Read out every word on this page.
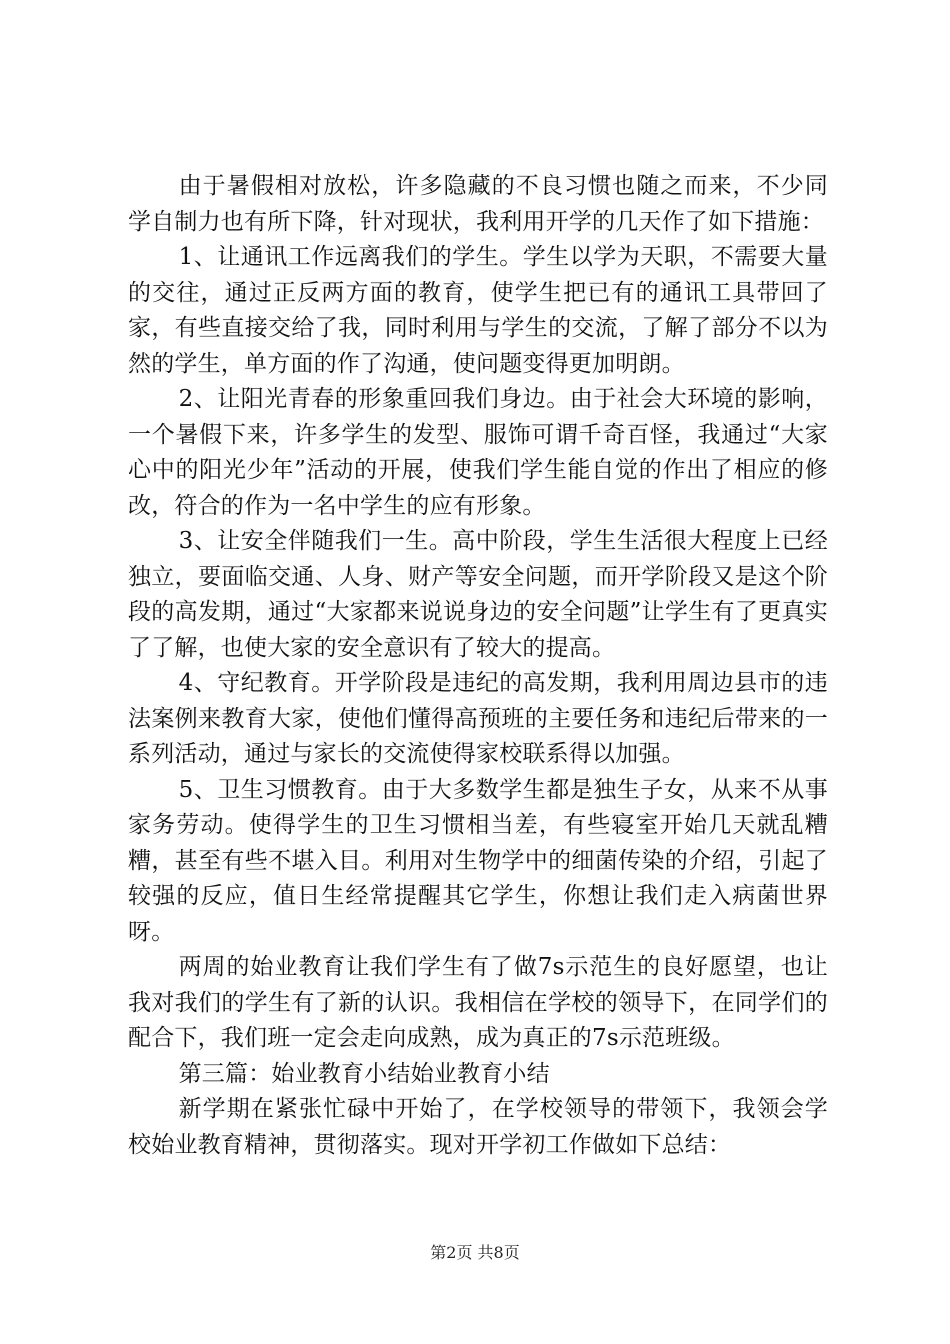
由于暑假相对放松，许多隐藏的不良习惯也随之而来，不少同学自制力也有所下降，针对现状，我利用开学的几天作了如下措施：

1、让通讯工作远离我们的学生。学生以学为天职，不需要大量的交往，通过正反两方面的教育，使学生把已有的通讯工具带回了家，有些直接交给了我，同时利用与学生的交流，了解了部分不以为然的学生，单方面的作了沟通，使问题变得更加明朗。

2、让阳光青春的形象重回我们身边。由于社会大环境的影响，一个暑假下来，许多学生的发型、服饰可谓千奇百怪，我通过“大家心中的阳光少年”活动的开展，使我们学生能自觉的作出了相应的修改，符合的作为一名中学生的应有形象。

3、让安全伴随我们一生。高中阶段，学生生活很大程度上已经独立，要面临交通、人身、财产等安全问题，而开学阶段又是这个阶段的高发期，通过“大家都来说说身边的安全问题”让学生有了更真实了了解，也使大家的安全意识有了较大的提高。

4、守纪教育。开学阶段是违纪的高发期，我利用周边县市的违法案例来教育大家，使他们懂得高预班的主要任务和违纪后带来的一系列活动，通过与家长的交流使得家校联系得以加强。

5、卫生习惯教育。由于大多数学生都是独生子女，从来不从事家务劳动。使得学生的卫生习惯相当差，有些寝室开始几天就乱糟糟，甚至有些不堪入目。利用对生物学中的细菌传染的介绍，引起了较强的反应，值日生经常提醒其它学生，你想让我们走入病菌世界呀。

两周的始业教育让我们学生有了做7s示范生的良好愿望，也让我对我们的学生有了新的认识。我相信在学校的领导下，在同学们的配合下，我们班一定会走向成熟，成为真正的7s示范班级。

第三篇：始业教育小结始业教育小结

新学期在紧张忙碌中开始了，在学校领导的带领下，我领会学校始业教育精神，贯彻落实。现对开学初工作做如下总结：

第2页 共8页
